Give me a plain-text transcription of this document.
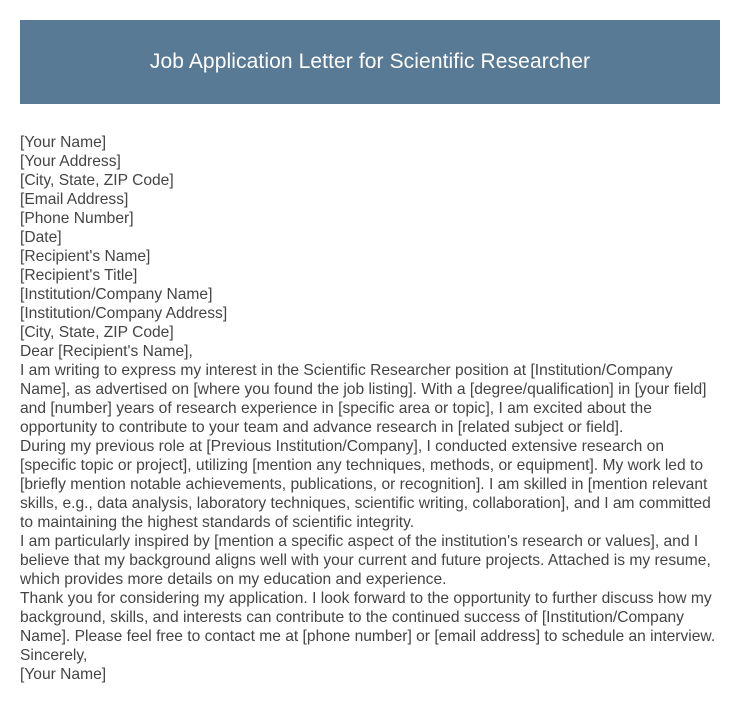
Job Application Letter for Scientific Researcher
[Your Name]
[Your Address]
[City, State, ZIP Code]
[Email Address]
[Phone Number]
[Date]
[Recipient's Name]
[Recipient's Title]
[Institution/Company Name]
[Institution/Company Address]
[City, State, ZIP Code]
Dear [Recipient's Name],

I am writing to express my interest in the Scientific Researcher position at [Institution/Company Name], as advertised on [where you found the job listing]. With a [degree/qualification] in [your field] and [number] years of research experience in [specific area or topic], I am excited about the opportunity to contribute to your team and advance research in [related subject or field].

During my previous role at [Previous Institution/Company], I conducted extensive research on [specific topic or project], utilizing [mention any techniques, methods, or equipment]. My work led to [briefly mention notable achievements, publications, or recognition]. I am skilled in [mention relevant skills, e.g., data analysis, laboratory techniques, scientific writing, collaboration], and I am committed to maintaining the highest standards of scientific integrity.

I am particularly inspired by [mention a specific aspect of the institution's research or values], and I believe that my background aligns well with your current and future projects. Attached is my resume, which provides more details on my education and experience.

Thank you for considering my application. I look forward to the opportunity to further discuss how my background, skills, and interests can contribute to the continued success of [Institution/Company Name]. Please feel free to contact me at [phone number] or [email address] to schedule an interview.

Sincerely,
[Your Name]
